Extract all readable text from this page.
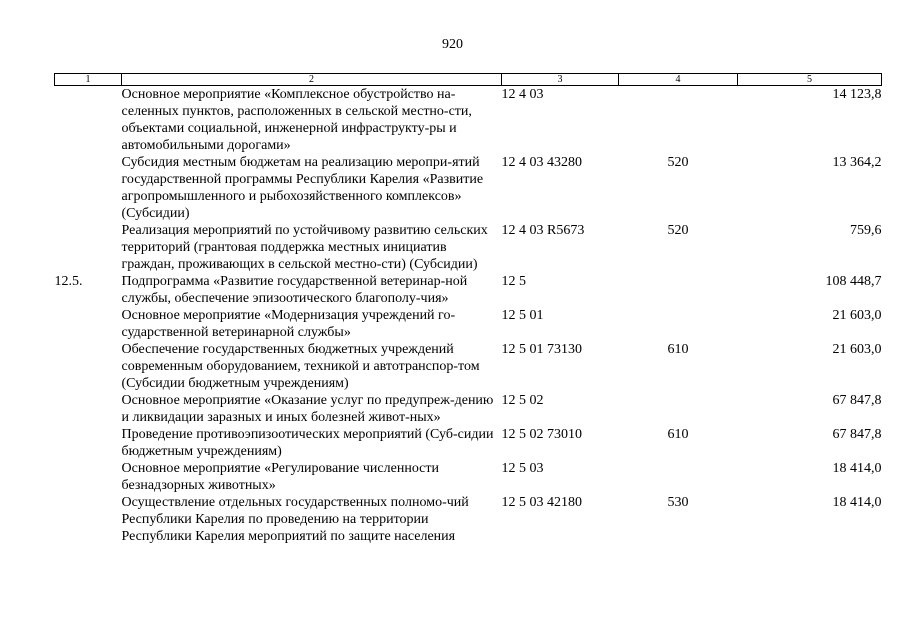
920
1	2	3	4	5
	Основное мероприятие «Комплексное обустройство на-селенных пунктов, расположенных в сельской местно-сти, объектами социальной, инженерной инфраструкту-ры и автомобильными дорогами»	12 4 03		14 123,8
	Субсидия местным бюджетам на реализацию меропри-ятий государственной программы Республики Карелия «Развитие агропромышленного и рыбохозяйственного комплексов» (Субсидии)	12 4 03 43280	520	13 364,2
	Реализация мероприятий по устойчивому развитию сельских территорий (грантовая поддержка местных инициатив граждан, проживающих в сельской местно-сти) (Субсидии)	12 4 03 R5673	520	759,6
12.5.	Подпрограмма «Развитие государственной ветеринар-ной службы, обеспечение эпизоотического благополу-чия»	12 5		108 448,7
	Основное мероприятие «Модернизация учреждений го-сударственной ветеринарной службы»	12 5 01		21 603,0
	Обеспечение государственных бюджетных учреждений современным оборудованием, техникой и автотранспор-том (Субсидии бюджетным учреждениям)	12 5 01 73130	610	21 603,0
	Основное мероприятие «Оказание услуг по предупреж-дению и ликвидации заразных и иных болезней живот-ных»	12 5 02		67 847,8
	Проведение противоэпизоотических мероприятий (Суб-сидии бюджетным учреждениям)	12 5 02 73010	610	67 847,8
	Основное мероприятие «Регулирование численности безнадзорных животных»	12 5 03		18 414,0
	Осуществление отдельных государственных полномо-чий Республики Карелия по проведению на территории Республики Карелия мероприятий по защите населения	12 5 03 42180	530	18 414,0
